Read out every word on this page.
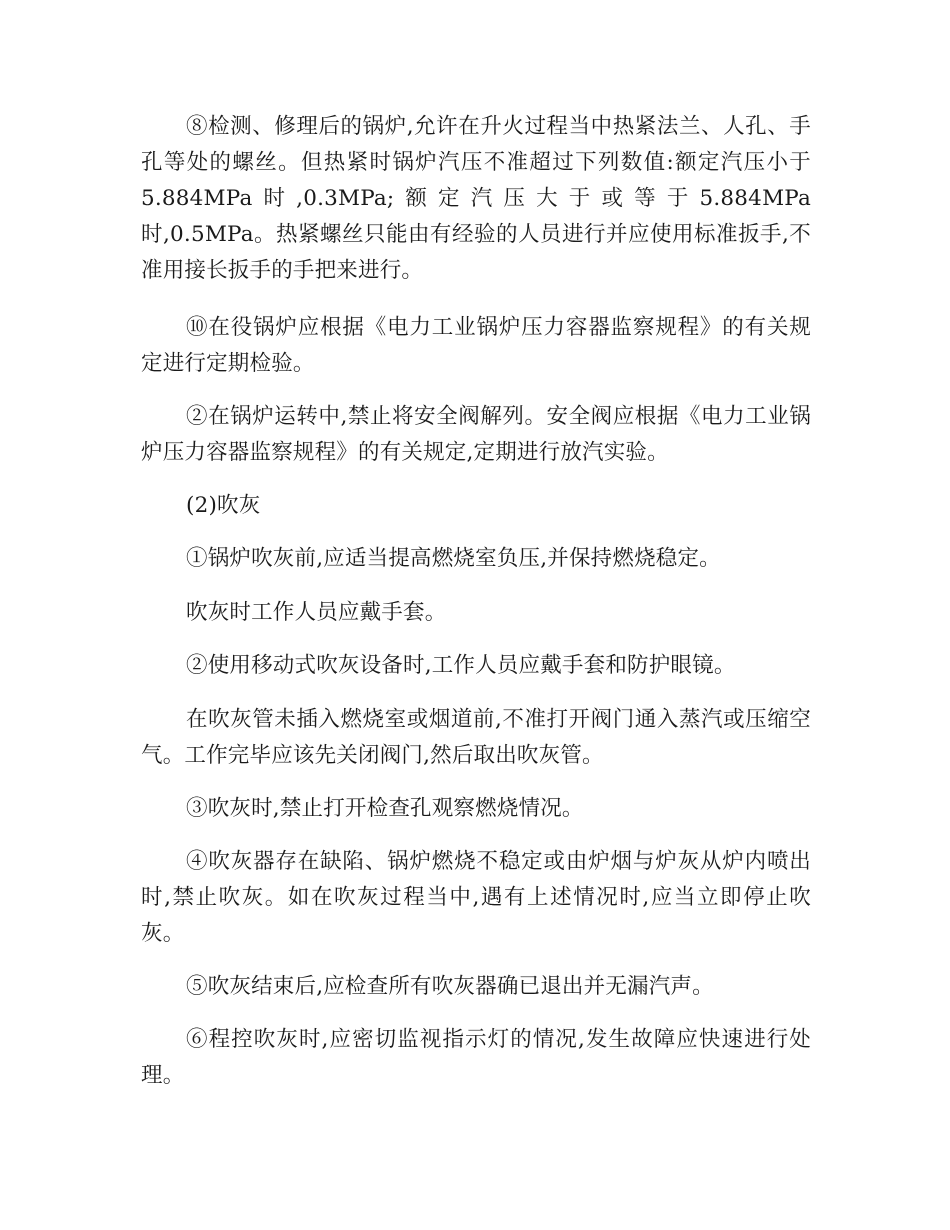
⑧检测、修理后的锅炉,允许在升火过程当中热紧法兰、人孔、手孔等处的螺丝。但热紧时锅炉汽压不准超过下列数值:额定汽压小于5.884MPa时,0.3MPa;额定汽压大于或等于5.884MPa时,0.5MPa。热紧螺丝只能由有经验的人员进行并应使用标准扳手,不准用接长扳手的手把来进行。

⑩在役锅炉应根据《电力工业锅炉压力容器监察规程》的有关规定进行定期检验。

②在锅炉运转中,禁止将安全阀解列。安全阀应根据《电力工业锅炉压力容器监察规程》的有关规定,定期进行放汽实验。

(2)吹灰

①锅炉吹灰前,应适当提高燃烧室负压,并保持燃烧稳定。

吹灰时工作人员应戴手套。

②使用移动式吹灰设备时,工作人员应戴手套和防护眼镜。

在吹灰管未插入燃烧室或烟道前,不准打开阀门通入蒸汽或压缩空气。工作完毕应该先关闭阀门,然后取出吹灰管。

③吹灰时,禁止打开检查孔观察燃烧情况。

④吹灰器存在缺陷、锅炉燃烧不稳定或由炉烟与炉灰从炉内喷出时,禁止吹灰。如在吹灰过程当中,遇有上述情况时,应当立即停止吹灰。

⑤吹灰结束后,应检查所有吹灰器确已退出并无漏汽声。

⑥程控吹灰时,应密切监视指示灯的情况,发生故障应快速进行处理。
